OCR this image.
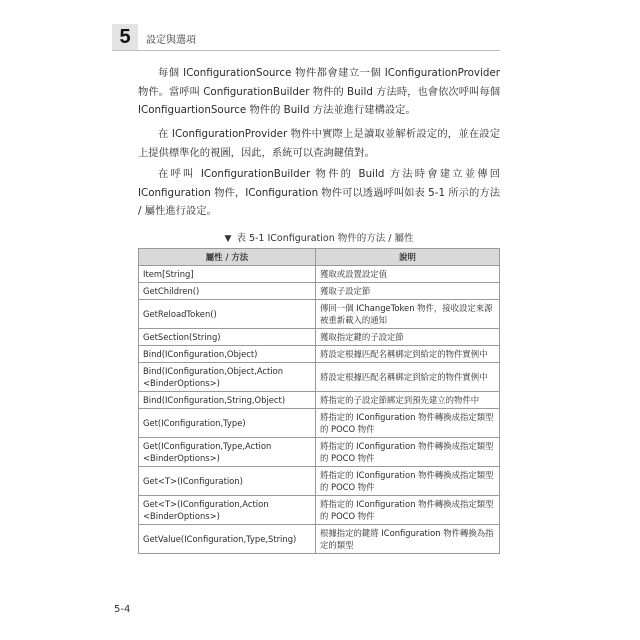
5	設定與選項

每個 IConfigurationSource 物件都會建立一個 IConfigurationProvider 物件。當呼叫 ConfigurationBuilder 物件的 Build 方法時，也會依次呼叫每個 IConfiguartionSource 物件的 Build 方法並進行建構設定。

在 IConfigurationProvider 物件中實際上是讀取並解析設定的，並在設定上提供標準化的視圖，因此，系統可以查詢鍵值對。

在呼叫 IConfigurationBuilder 物件的 Build 方法時會建立並傳回 IConfiguration 物件，IConfiguration 物件可以透過呼叫如表 5-1 所示的方法 / 屬性進行設定。

▼ 表 5-1 IConfiguration 物件的方法 / 屬性
屬性 / 方法	說明
Item[String]	獲取或設置設定值
GetChildren()	獲取子設定節
GetReloadToken()	傳回一個 IChangeToken 物件，接收設定來源被重新載入的通知
GetSection(String)	獲取指定鍵的子設定節
Bind(IConfiguration,Object)	將設定根據匹配名稱綁定到給定的物件實例中
Bind(IConfiguration,Object,Action <BinderOptions>)	將設定根據匹配名稱綁定到給定的物件實例中
Bind(IConfiguration,String,Object)	將指定的子設定節綁定到預先建立的物件中
Get(IConfiguration,Type)	將指定的 IConfiguration 物件轉換成指定類型的 POCO 物件
Get(IConfiguration,Type,Action <BinderOptions>)	將指定的 IConfiguration 物件轉換成指定類型的 POCO 物件
Get<T>(IConfiguration)	將指定的 IConfiguration 物件轉換成指定類型的 POCO 物件
Get<T>(IConfiguration,Action <BinderOptions>)	將指定的 IConfiguration 物件轉換成指定類型的 POCO 物件
GetValue(IConfiguration,Type,String)	根據指定的鍵將 IConfiguration 物件轉換為指定的類型
5-4
